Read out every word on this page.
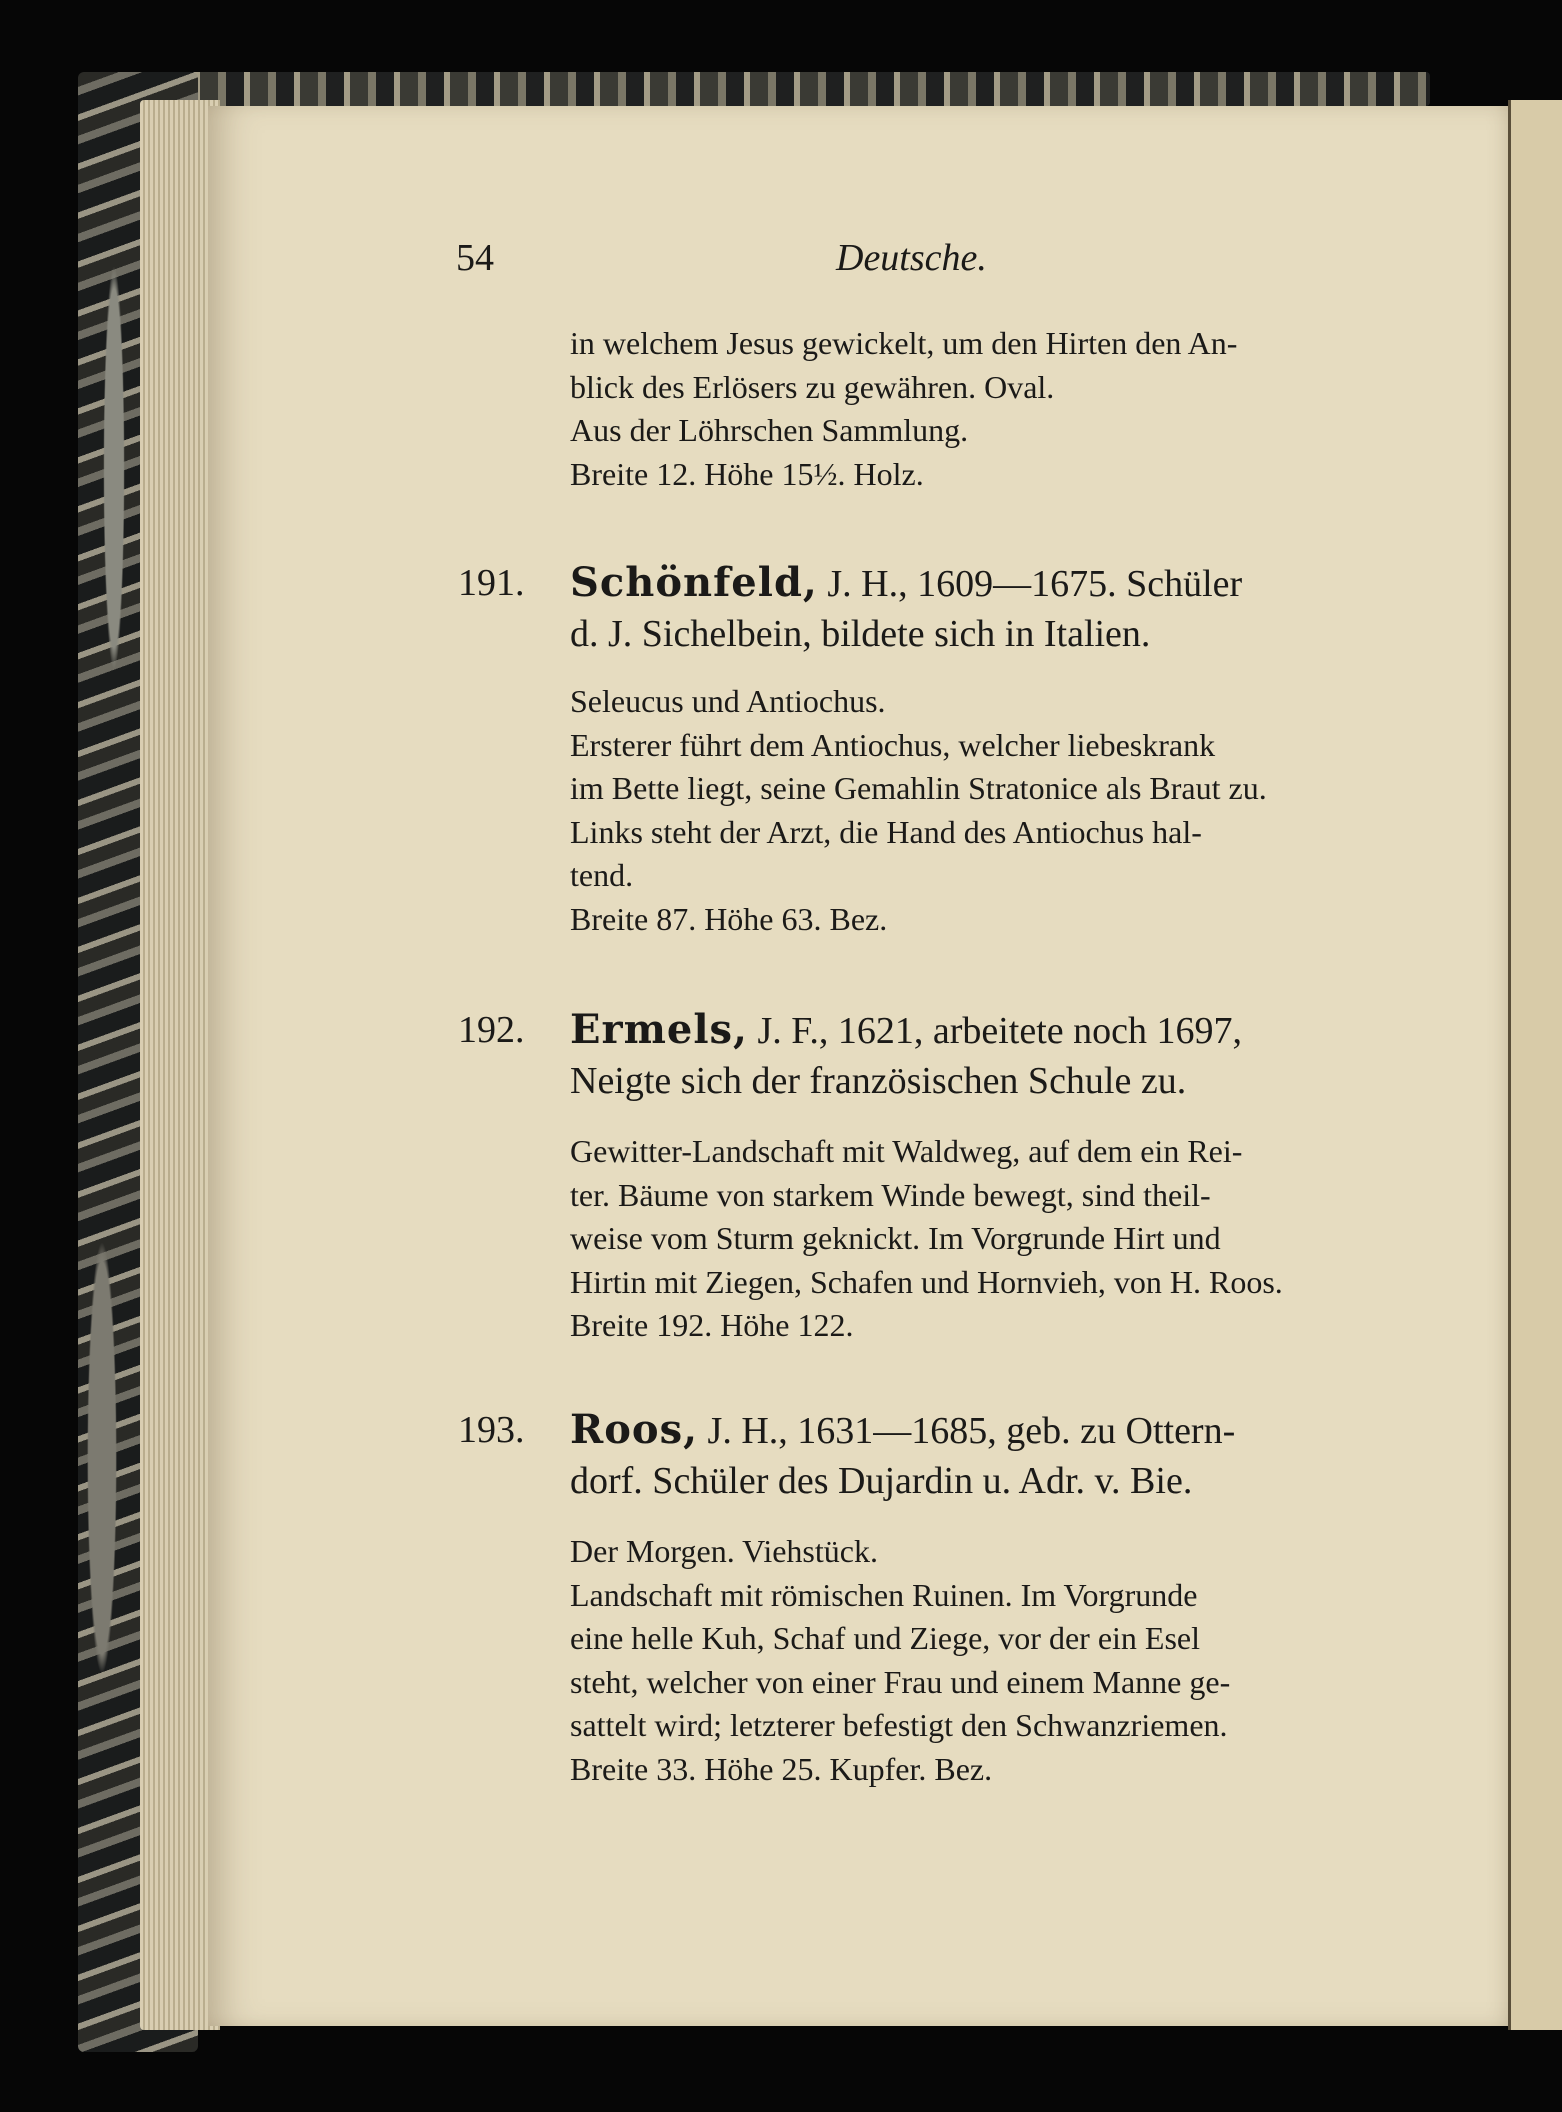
54	Deutsche.

in welchem Jesus gewickelt, um den Hirten den An-

blick des Erlösers zu gewähren. Oval.

Aus der Löhrschen Sammlung.

Breite 12. Höhe 15½. Holz.

191. Schönfeld, J. H., 1609—1675. Schüler
d. J. Sichelbein, bildete sich in Italien.
Seleucus und Antiochus.
Ersterer führt dem Antiochus, welcher liebeskrank
im Bette liegt, seine Gemahlin Stratonice als Braut zu.
Links steht der Arzt, die Hand des Antiochus hal-
tend.
Breite 87. Höhe 63. Bez.
192. Ermels, J. F., 1621, arbeitete noch 1697,
Neigte sich der französischen Schule zu.
Gewitter-Landschaft mit Waldweg, auf dem ein Rei-
ter. Bäume von starkem Winde bewegt, sind theil-
weise vom Sturm geknickt. Im Vorgrunde Hirt und
Hirtin mit Ziegen, Schafen und Hornvieh, von H. Roos.
Breite 192. Höhe 122.
193. Roos, J. H., 1631—1685, geb. zu Ottern-
dorf. Schüler des Dujardin u. Adr. v. Bie.
Der Morgen. Viehstück.
Landschaft mit römischen Ruinen. Im Vorgrunde
eine helle Kuh, Schaf und Ziege, vor der ein Esel
steht, welcher von einer Frau und einem Manne ge-
sattelt wird; letzterer befestigt den Schwanzriemen.
Breite 33. Höhe 25. Kupfer. Bez.
